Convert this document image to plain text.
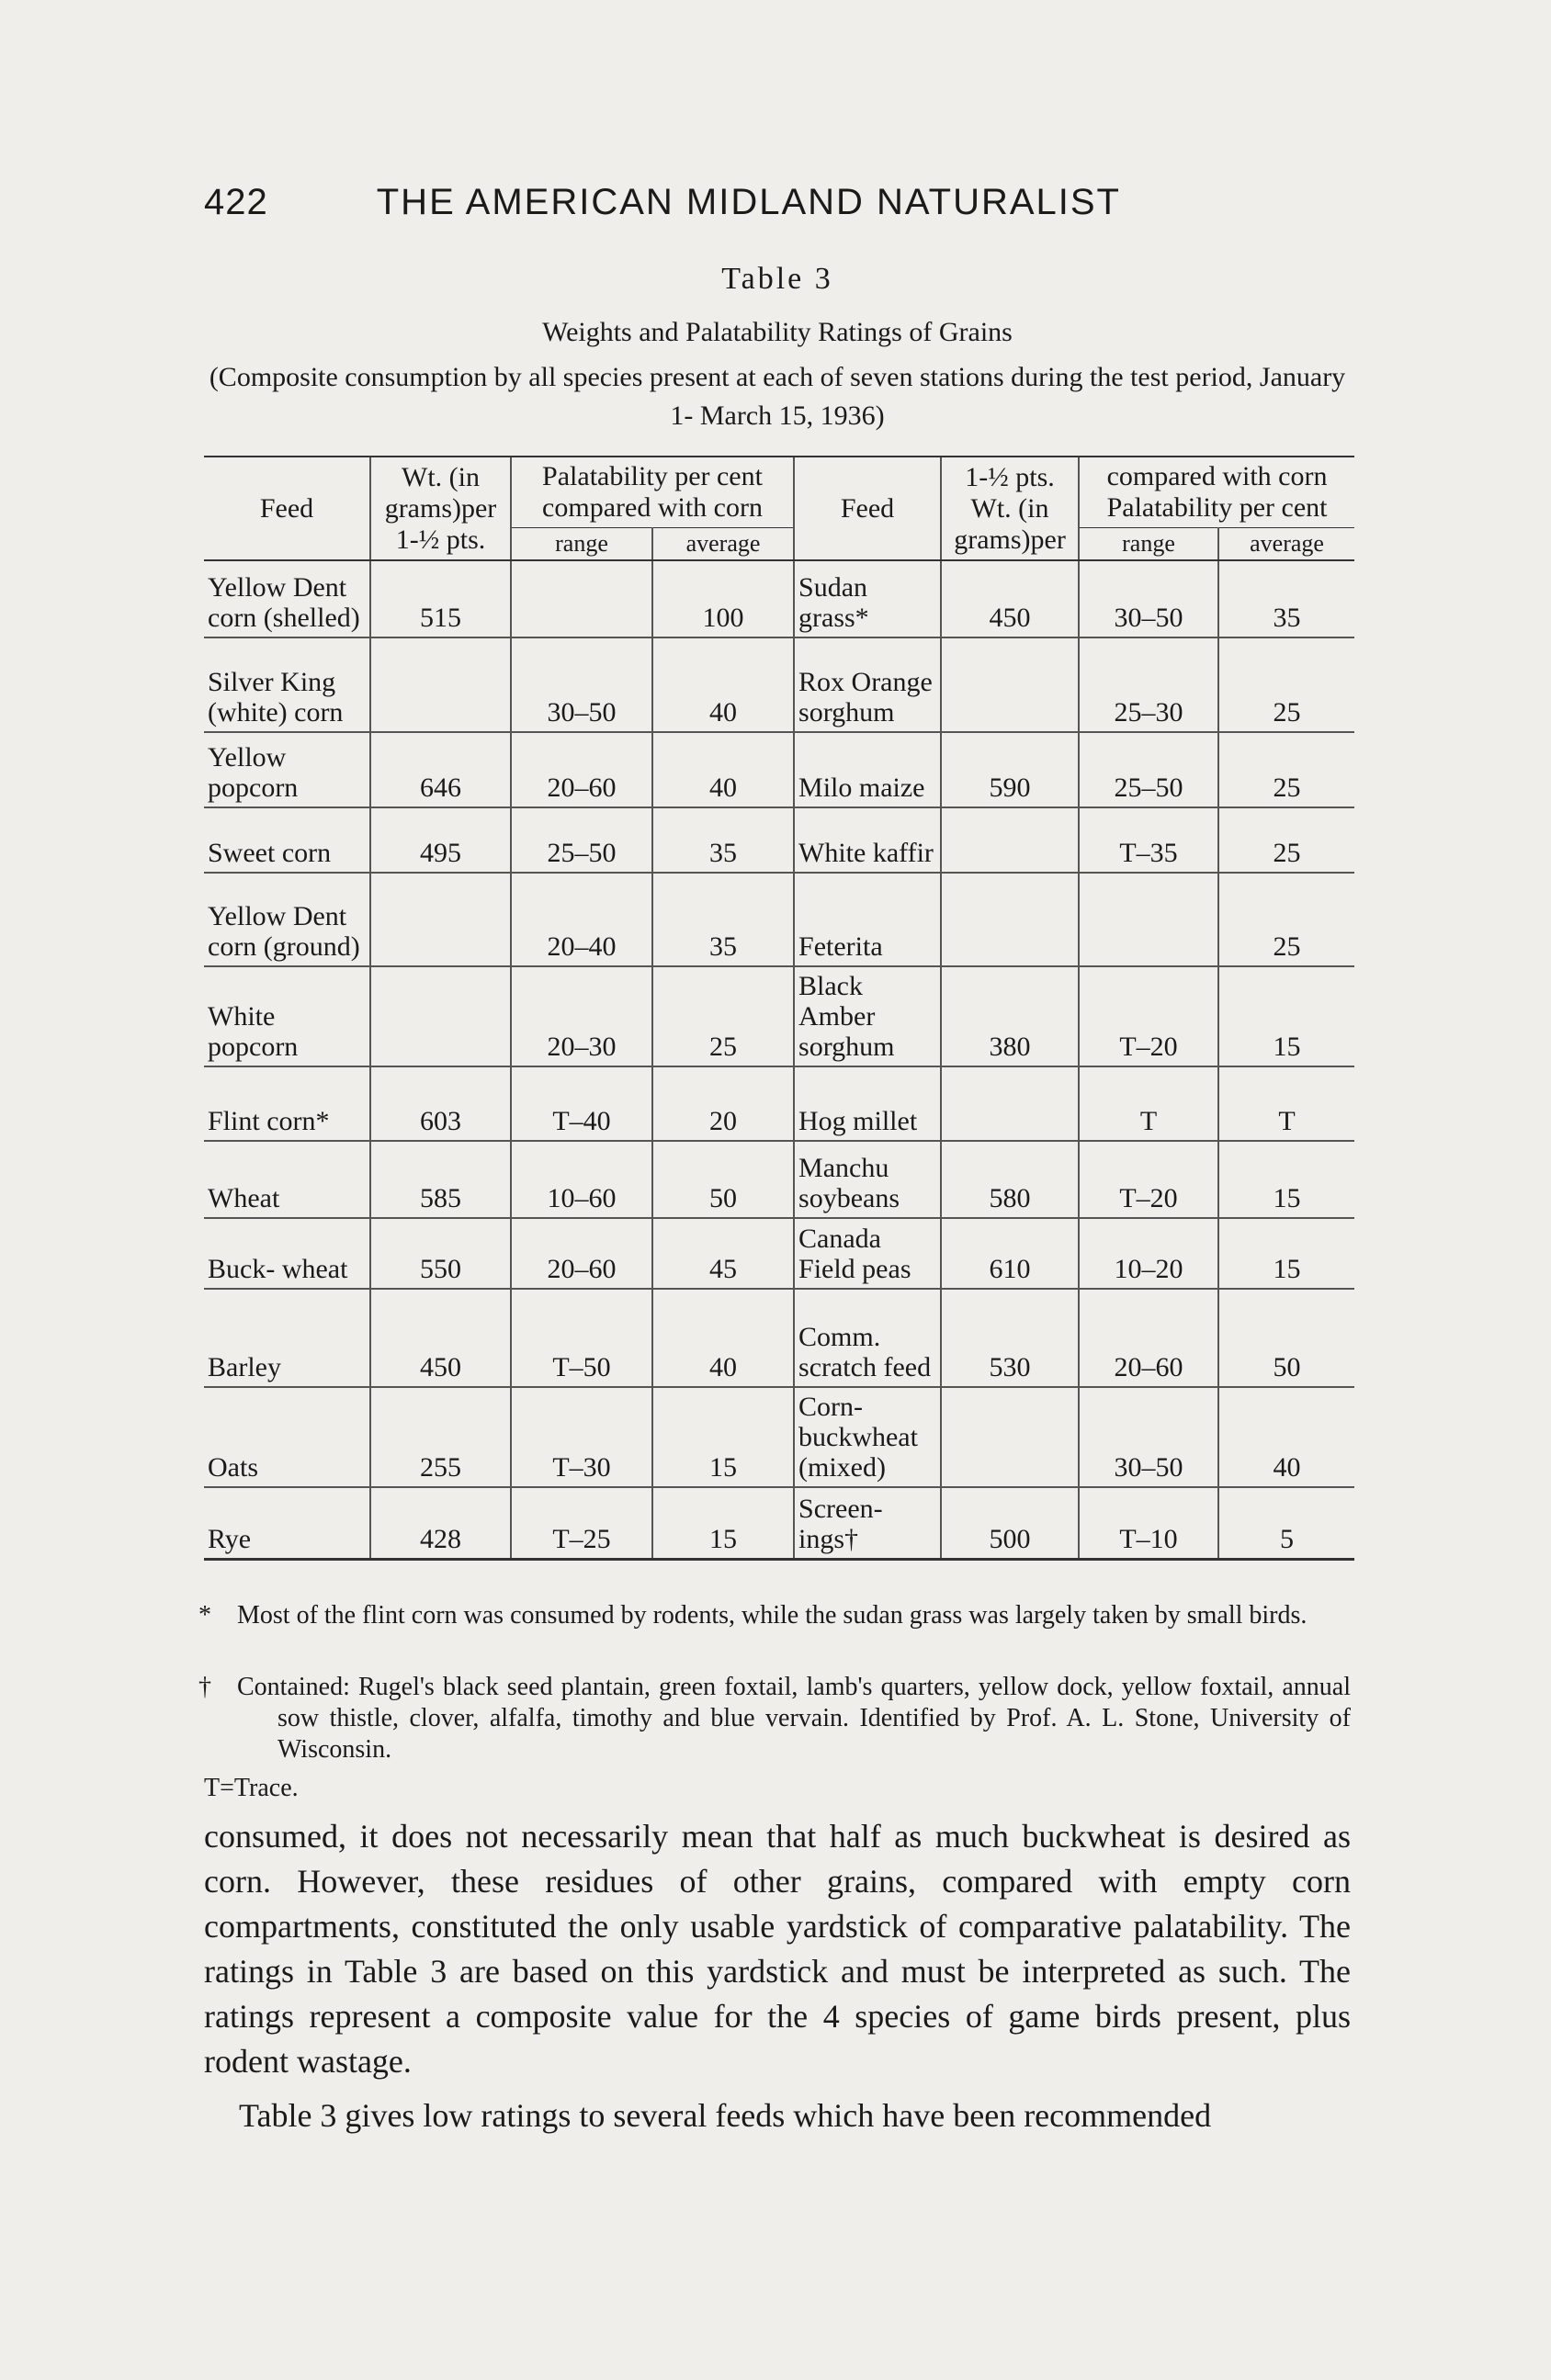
422	THE AMERICAN MIDLAND NATURALIST
Table 3
Weights and Palatability Ratings of Grains
(Composite consumption by all species present at each of seven stations during the test period, January 1- March 15, 1936)
Feed	Wt. (in grams)per 1-½ pts.	Palatability per cent compared with corn		Feed	1-½ pts. Wt. (in grams)per	compared with corn Palatability per cent	
		range	average			range	average
Yellow Dent corn (shelled)	515		100	Sudan grass*	450	30–50	35
Silver King (white) corn		30–50	40	Rox Orange sorghum		25–30	25
Yellow popcorn	646	20–60	40	Milo maize	590	25–50	25
Sweet corn	495	25–50	35	White kaffir		T–35	25
Yellow Dent corn (ground)		20–40	35	Feterita			25
White popcorn		20–30	25	Black Amber sorghum	380	T–20	15
Flint corn*	603	T–40	20	Hog millet		T	T
Wheat	585	10–60	50	Manchu soybeans	580	T–20	15
Buck- wheat	550	20–60	45	Canada Field peas	610	10–20	15
Barley	450	T–50	40	Comm. scratch feed	530	20–60	50
Oats	255	T–30	15	Corn- buckwheat (mixed)		30–50	40
Rye	428	T–25	15	Screen- ings†	500	T–10	5
*	Most of the flint corn was consumed by rodents, while the sudan grass was largely taken by small birds.
†	Contained: Rugel's black seed plantain, green foxtail, lamb's quarters, yellow dock, yellow foxtail, annual sow thistle, clover, alfalfa, timothy and blue vervain. Identified by Prof. A. L. Stone, University of Wisconsin.
T=Trace.

consumed, it does not necessarily mean that half as much buckwheat is desired as corn. However, these residues of other grains, compared with empty corn compartments, constituted the only usable yardstick of comparative palatability. The ratings in Table 3 are based on this yardstick and must be interpreted as such. The ratings represent a composite value for the 4 species of game birds present, plus rodent wastage.

Table 3 gives low ratings to several feeds which have been recommended
